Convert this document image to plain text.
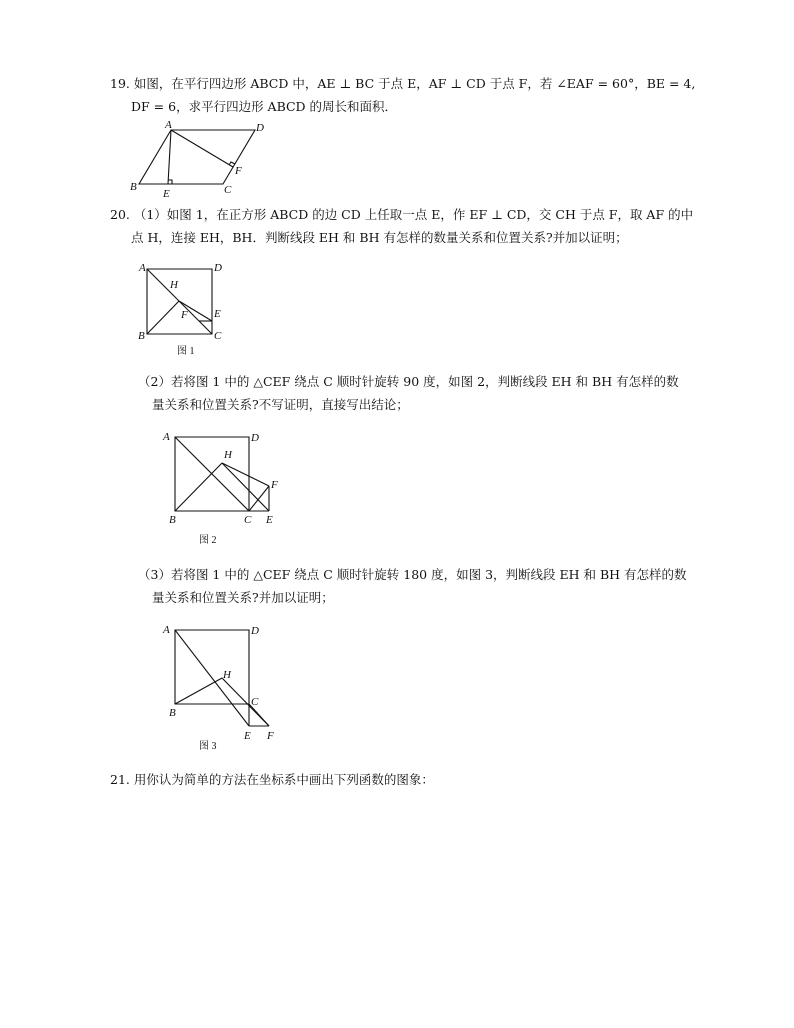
19. 如图，在平行四边形 ABCD 中，AE ⊥ BC 于点 E，AF ⊥ CD 于点 F，若 ∠EAF = 60°，BE = 4,
DF = 6，求平行四边形 ABCD 的周长和面积．
A	D
B
E	C
F
20. （1）如图 1，在正方形 ABCD 的边 CD 上任取一点 E，作 EF ⊥ CD，交 CH 于点 F，取 AF 的中
点 H，连接 EH，BH．判断线段 EH 和 BH 有怎样的数量关系和位置关系?并加以证明；
A	D
B	C
H
F E
图 1
（2）若将图 1 中的 △CEF 绕点 C 顺时针旋转 90 度，如图 2，判断线段 EH 和 BH 有怎样的数
量关系和位置关系?不写证明，直接写出结论；
A	D
H
F
B	C E
图 2
（3）若将图 1 中的 △CEF 绕点 C 顺时针旋转 180 度，如图 3，判断线段 EH 和 BH 有怎样的数
量关系和位置关系?并加以证明；
A	D
H
C
B
E F
图 3
21. 用你认为简单的方法在坐标系中画出下列函数的图象：
